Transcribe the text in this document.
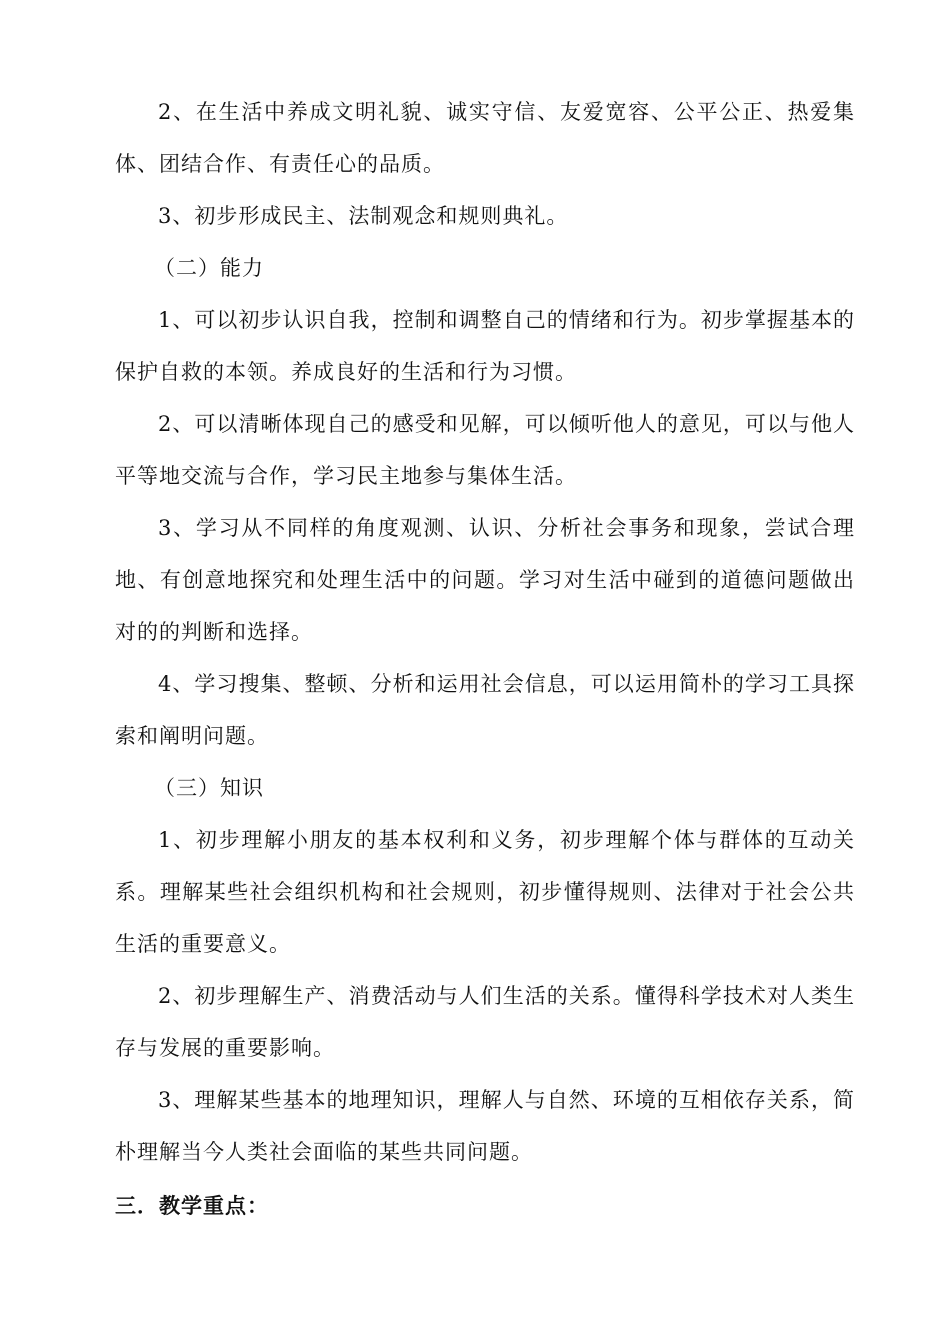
2、在生活中养成文明礼貌、诚实守信、友爱宽容、公平公正、热爱集体、团结合作、有责任心的品质。

3、初步形成民主、法制观念和规则典礼。

（二）能力

1、可以初步认识自我，控制和调整自己的情绪和行为。初步掌握基本的保护自救的本领。养成良好的生活和行为习惯。

2、可以清晰体现自己的感受和见解，可以倾听他人的意见，可以与他人平等地交流与合作，学习民主地参与集体生活。

3、学习从不同样的角度观测、认识、分析社会事务和现象，尝试合理地、有创意地探究和处理生活中的问题。学习对生活中碰到的道德问题做出对的的判断和选择。

4、学习搜集、整顿、分析和运用社会信息，可以运用简朴的学习工具探索和阐明问题。

（三）知识

1、初步理解小朋友的基本权利和义务，初步理解个体与群体的互动关系。理解某些社会组织机构和社会规则，初步懂得规则、法律对于社会公共生活的重要意义。

2、初步理解生产、消费活动与人们生活的关系。懂得科学技术对人类生存与发展的重要影响。

3、理解某些基本的地理知识，理解人与自然、环境的互相依存关系，简朴理解当今人类社会面临的某些共同问题。

三．教学重点：
